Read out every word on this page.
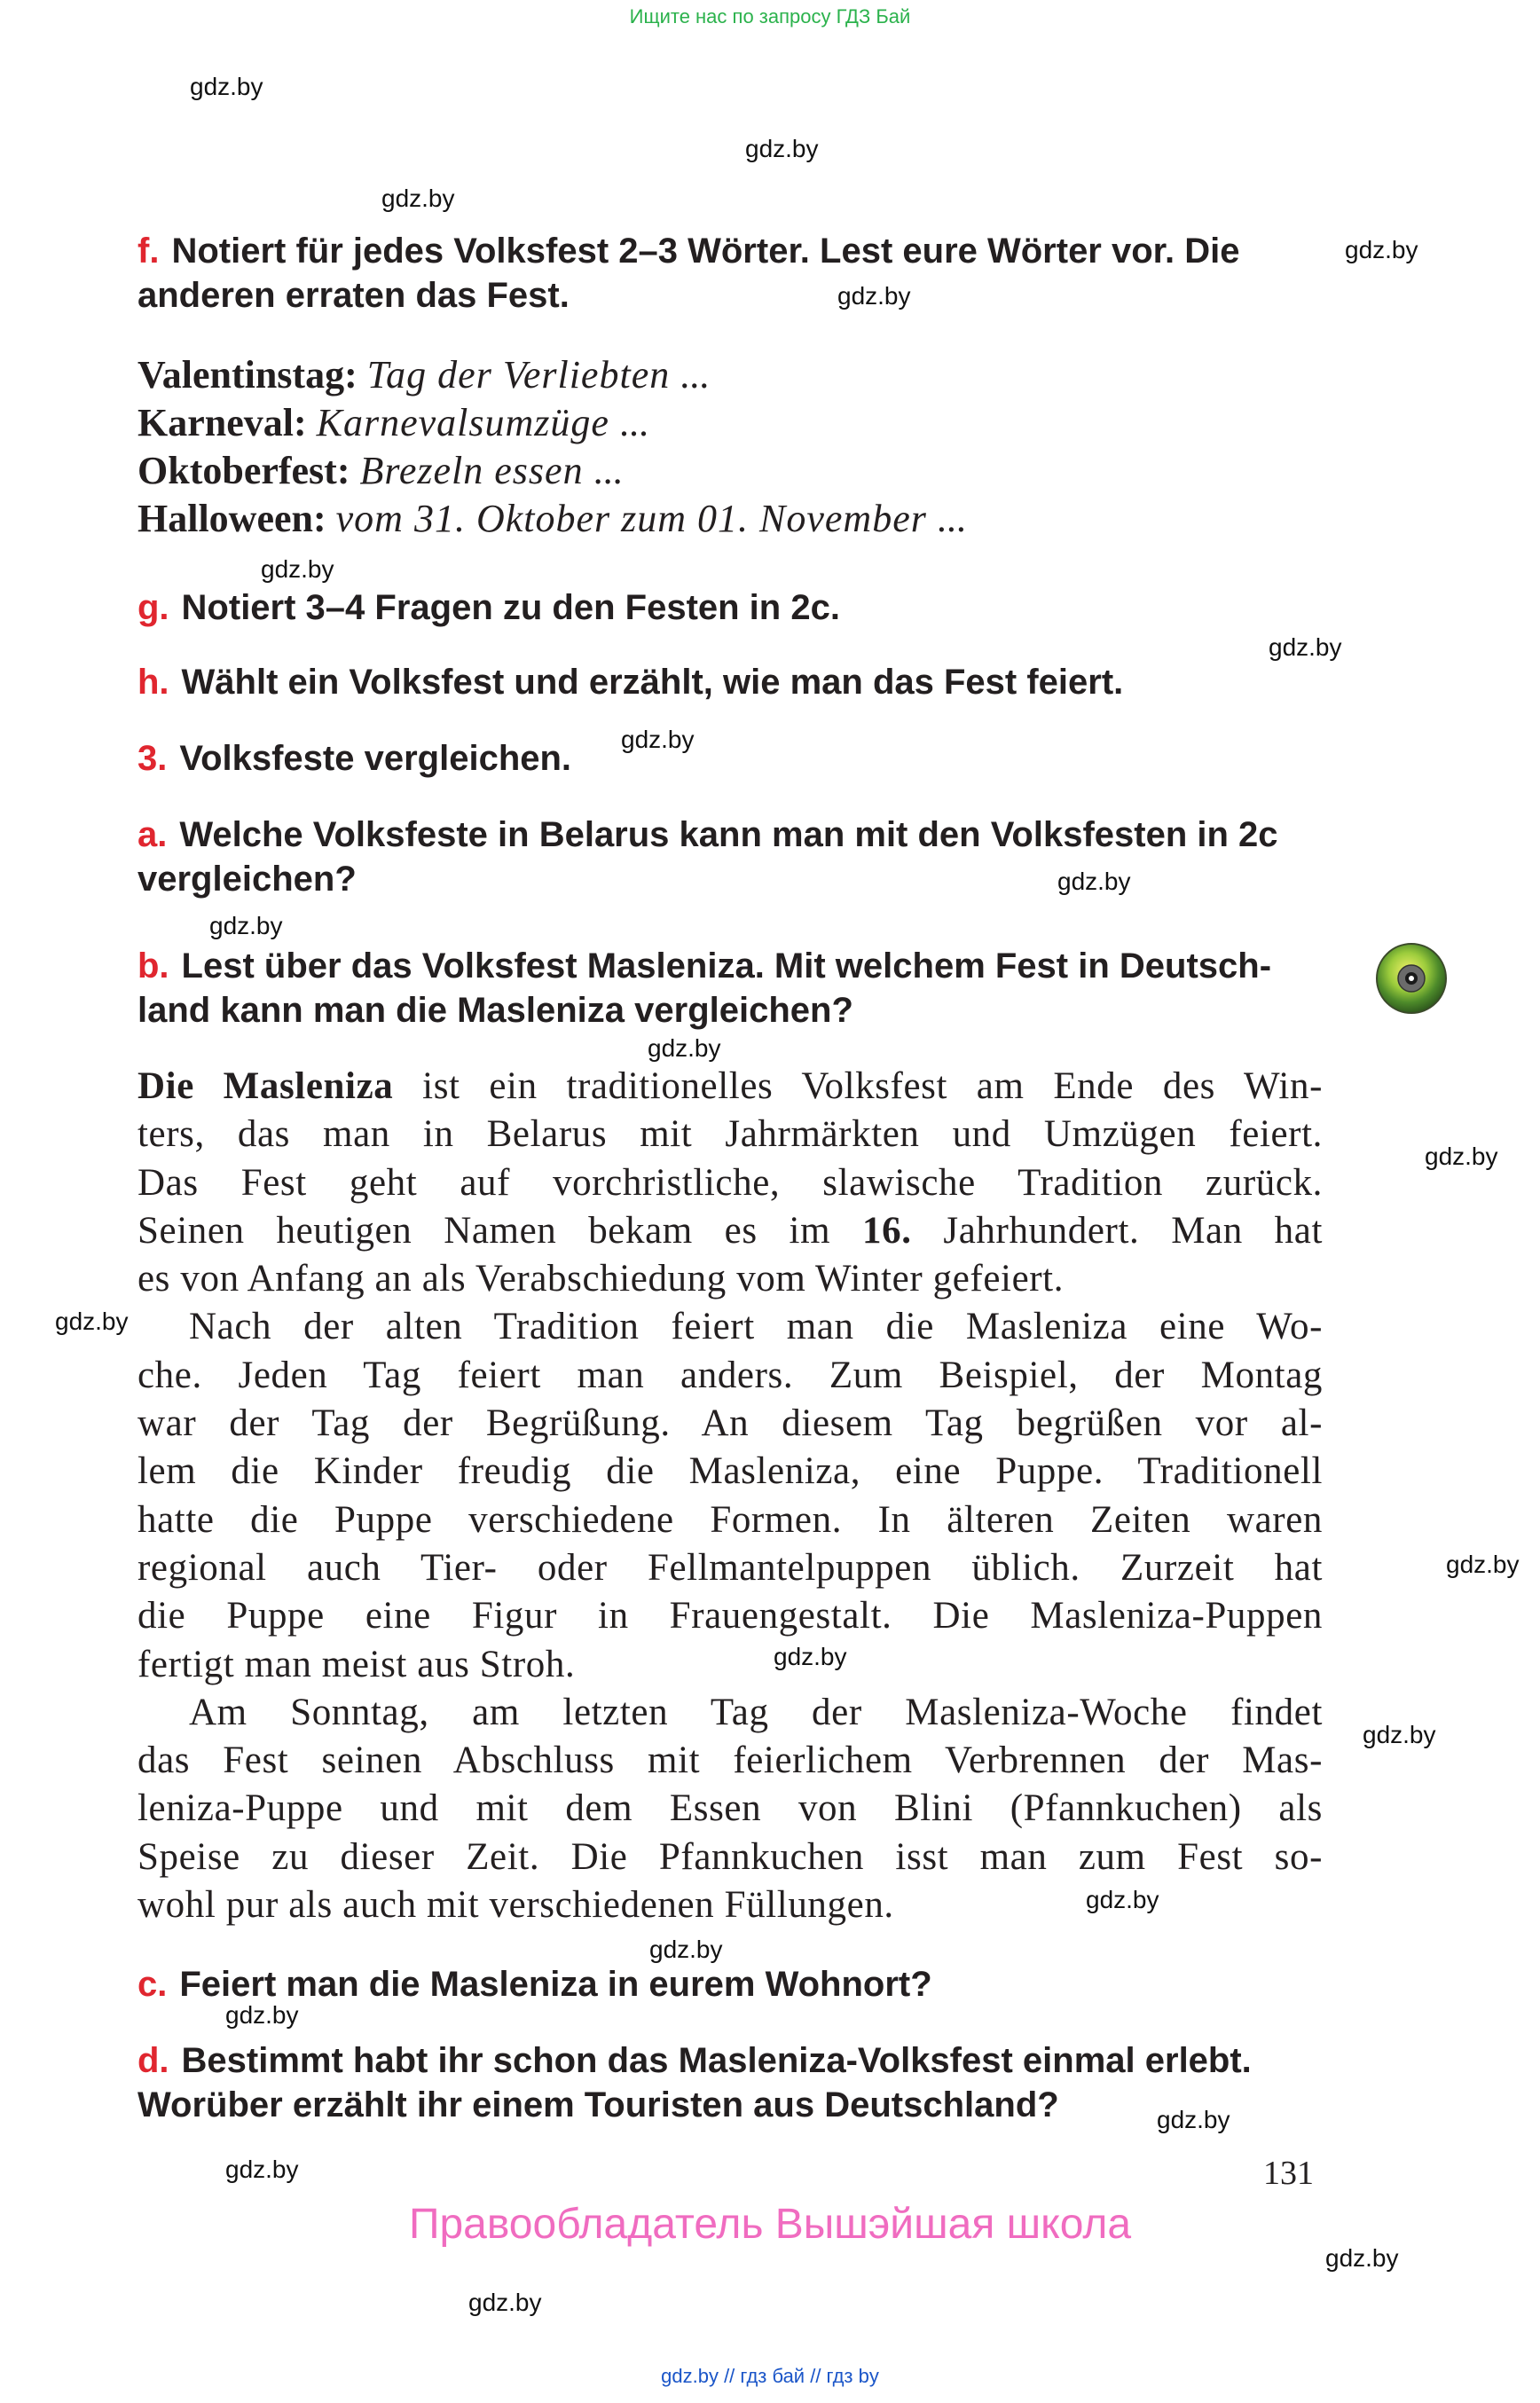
Ищите нас по запросу ГДЗ Бай
gdz.by
gdz.by
gdz.by
gdz.by
gdz.by
gdz.by
gdz.by
gdz.by
gdz.by
gdz.by
gdz.by
gdz.by
gdz.by
gdz.by
gdz.by
gdz.by
gdz.by
gdz.by
gdz.by
gdz.by
gdz.by
gdz.by
gdz.by
f. Notiert für jedes Volksfest 2–3 Wörter. Lest eure Wörter vor. Die
anderen erraten das Fest.
Valentinstag: Tag der Verliebten ...
Karneval: Karnevalsumzüge ...
Oktoberfest: Brezeln essen ...
Halloween: vom 31. Oktober zum 01. November ...
g. Notiert 3–4 Fragen zu den Festen in 2c.
h. Wählt ein Volksfest und erzählt, wie man das Fest feiert.
3. Volksfeste vergleichen.
a. Welche Volksfeste in Belarus kann man mit den Volksfesten in 2c
vergleichen?
b. Lest über das Volksfest Masleniza. Mit welchem Fest in Deutsch-
land kann man die Masleniza vergleichen?
Die Masleniza ist ein traditionelles Volksfest am Ende des Win-
ters, das man in Belarus mit Jahrmärkten und Umzügen feiert.
Das Fest geht auf vorchristliche, slawische Tradition zurück.
Seinen heutigen Namen bekam es im 16. Jahrhundert. Man hat
es von Anfang an als Verabschiedung vom Winter gefeiert.
Nach der alten Tradition feiert man die Masleniza eine Wo-
che. Jeden Tag feiert man anders. Zum Beispiel, der Montag
war der Tag der Begrüßung. An diesem Tag begrüßen vor al-
lem die Kinder freudig die Masleniza, eine Puppe. Traditionell
hatte die Puppe verschiedene Formen. In älteren Zeiten waren
regional auch Tier- oder Fellmantelpuppen üblich. Zurzeit hat
die Puppe eine Figur in Frauengestalt. Die Masleniza-Puppen
fertigt man meist aus Stroh.
Am Sonntag, am letzten Tag der Masleniza-Woche findet
das Fest seinen Abschluss mit feierlichem Verbrennen der Mas-
leniza-Puppe und mit dem Essen von Blini (Pfannkuchen) als
Speise zu dieser Zeit. Die Pfannkuchen isst man zum Fest so-
wohl pur als auch mit verschiedenen Füllungen.
c. Feiert man die Masleniza in eurem Wohnort?
d. Bestimmt habt ihr schon das Masleniza-Volksfest einmal erlebt.
Worüber erzählt ihr einem Touristen aus Deutschland?
131
Правообладатель Вышэйшая школа
gdz.by // гдз бай // гдз by
